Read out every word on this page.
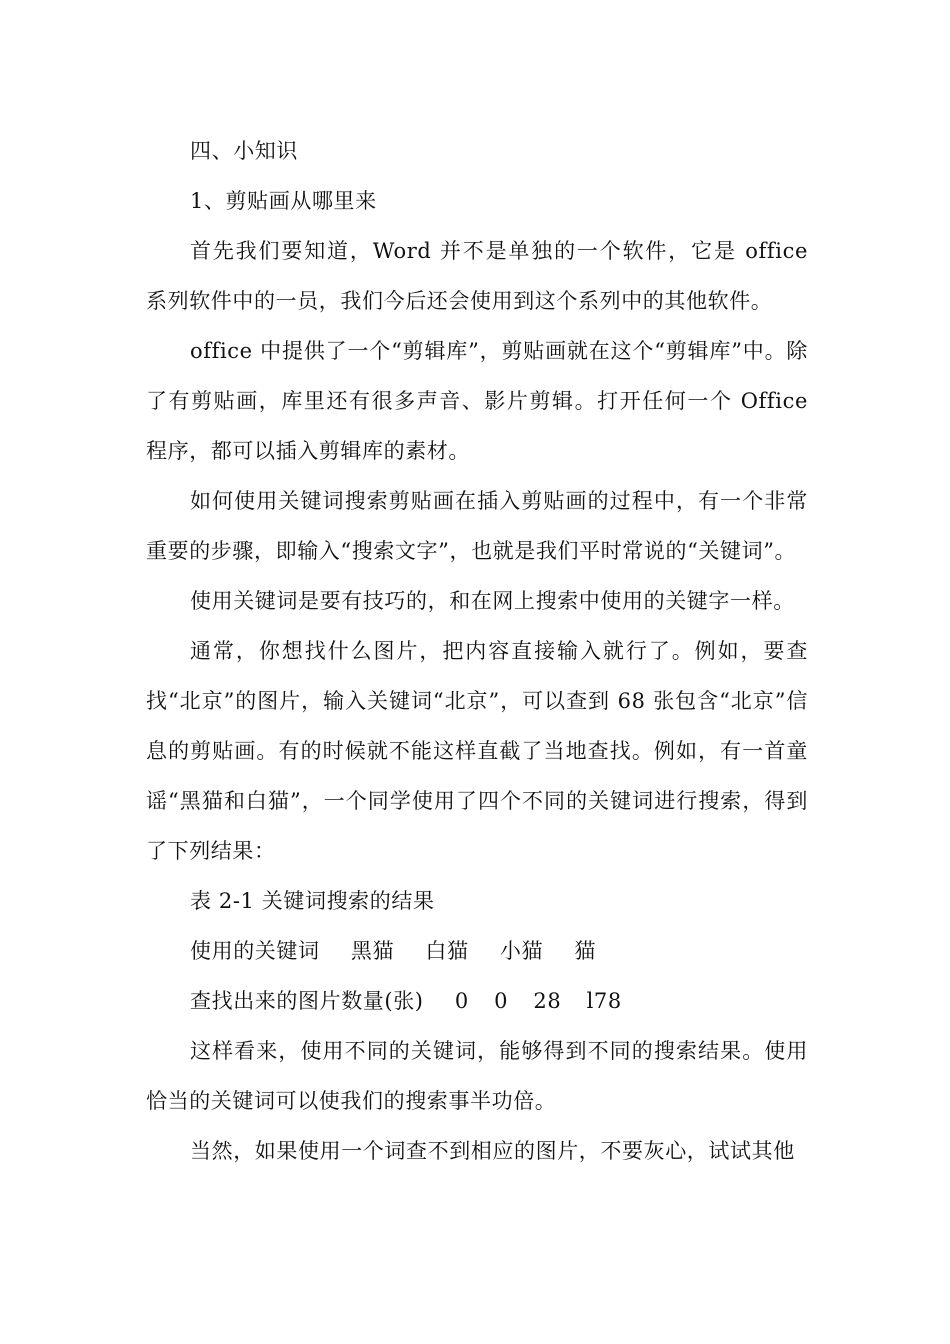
四、小知识

1、剪贴画从哪里来

首先我们要知道，Word 并不是单独的一个软件，它是 office 系列软件中的一员，我们今后还会使用到这个系列中的其他软件。

office 中提供了一个“剪辑库”，剪贴画就在这个“剪辑库”中。除了有剪贴画，库里还有很多声音、影片剪辑。打开任何一个 Office 程序，都可以插入剪辑库的素材。

如何使用关键词搜索剪贴画在插入剪贴画的过程中，有一个非常重要的步骤，即输入“搜索文字”，也就是我们平时常说的“关键词”。

使用关键词是要有技巧的，和在网上搜索中使用的关键字一样。

通常，你想找什么图片，把内容直接输入就行了。例如，要查找“北京”的图片，输入关键词“北京”，可以查到 68 张包含“北京”信息的剪贴画。有的时候就不能这样直截了当地查找。例如，有一首童谣“黑猫和白猫”，一个同学使用了四个不同的关键词进行搜索，得到了下列结果：

表 2-1 关键词搜索的结果

使用的关键词 黑猫 白猫 小猫 猫
查找出来的图片数量(张) 0 0 28 l78

这样看来，使用不同的关键词，能够得到不同的搜索结果。使用恰当的关键词可以使我们的搜索事半功倍。

当然，如果使用一个词查不到相应的图片，不要灰心，试试其他
